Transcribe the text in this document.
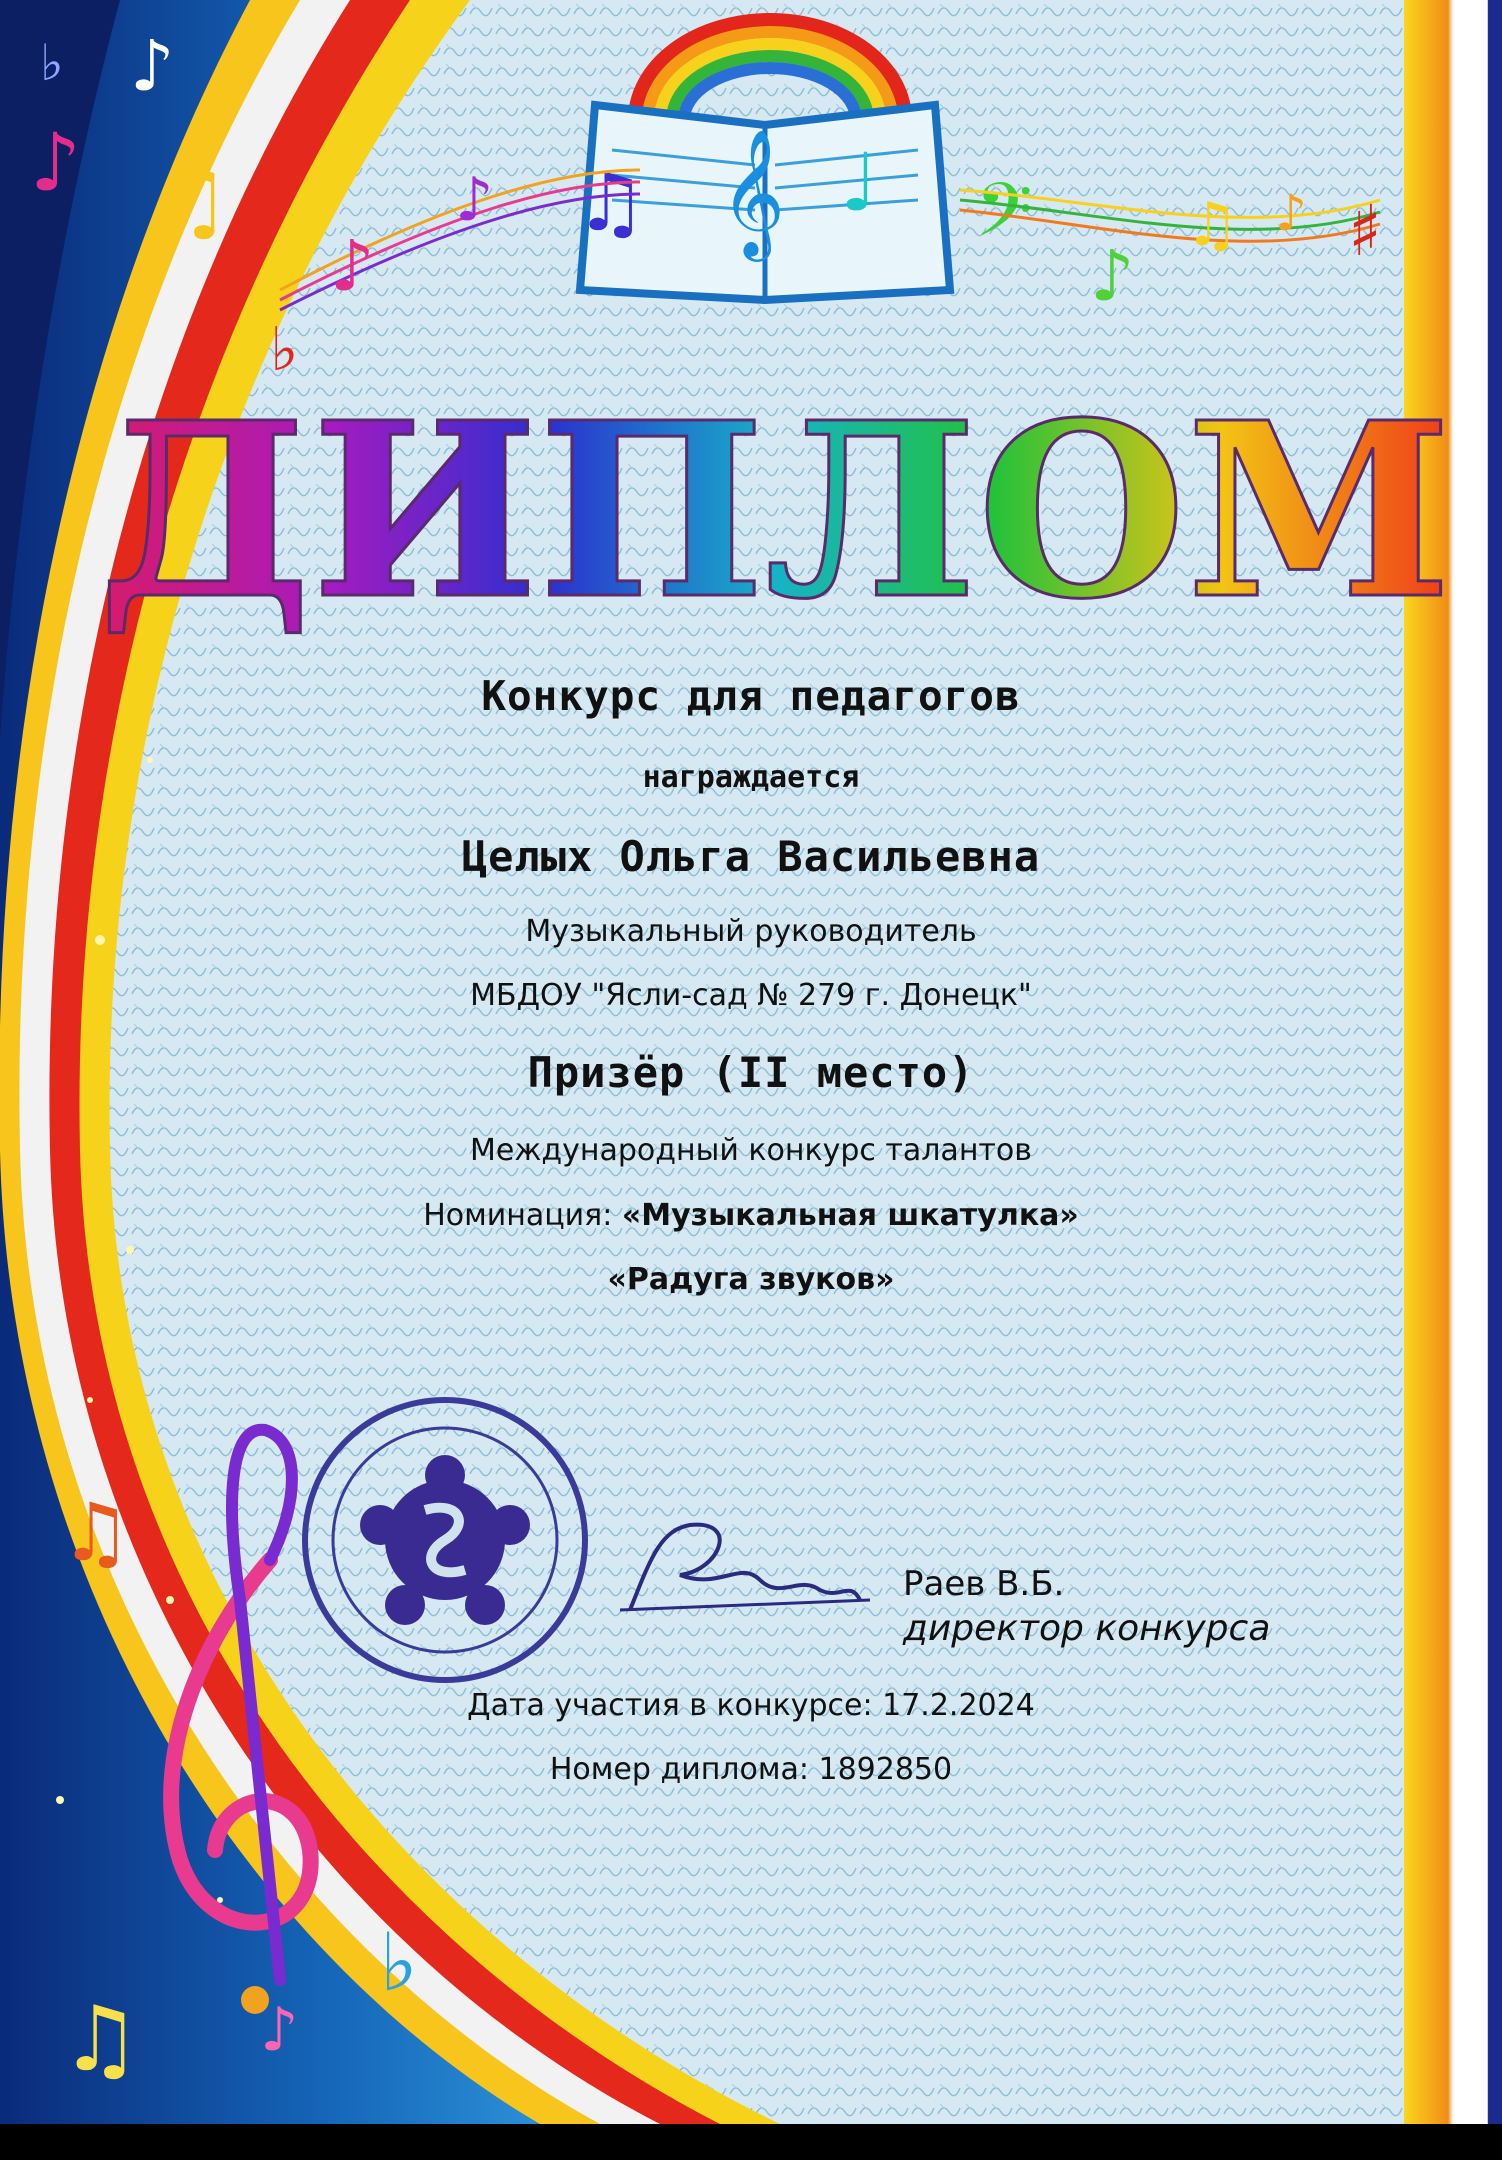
♫
♫
♭
♪
♪ ♫
♪
♭
𝄞
♫ ♩ 𝄢
♪
♪
♭
♪
♫ ♪ ♯
ДИПЛОМ
Конкурс для педагогов
награждается
Целых Ольга Васильевна
Музыкальный руководитель
МБДОУ "Ясли-сад № 279 г. Донецк"
Призёр (II место)
Международный конкурс талантов
Номинация: «Музыкальная шкатулка»
«Радуга звуков»
Раев В.Б.
директор конкурса
Дата участия в конкурсе: 17.2.2024
Номер диплома: 1892850
